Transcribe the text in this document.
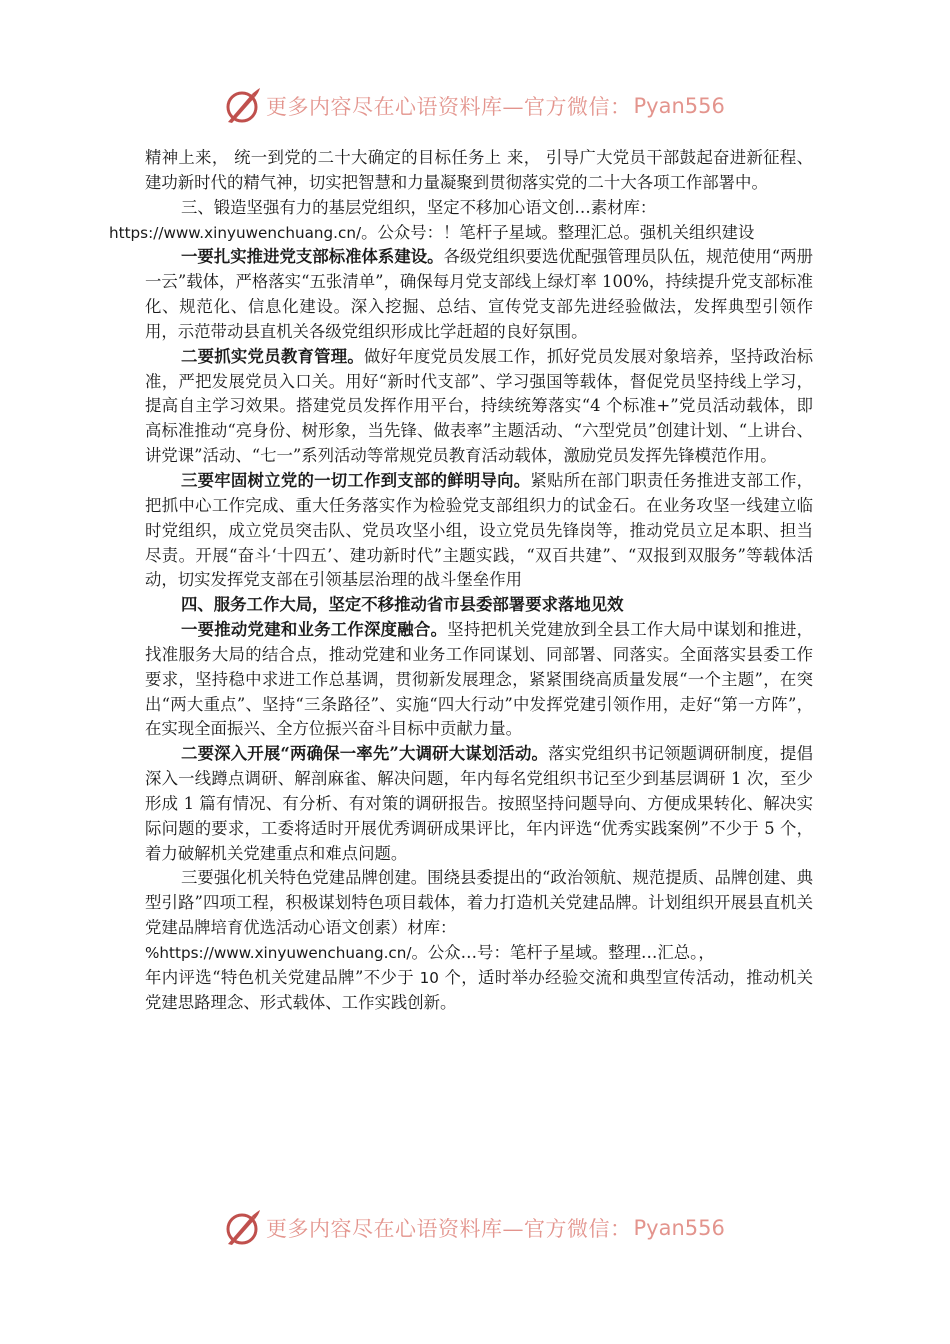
更多内容尽在心语资料库—官方微信： Pyan556

精神上来， 统一到党的二十大确定的目标任务上 来， 引导广大党员干部鼓起奋进新征程、 建功新时代的精气神，切实把智慧和力量凝聚到贯彻落实党的二十大各项工作部署中。

三、锻造坚强有力的基层党组织，坚定不移加心语文创…素材库：
https://www.xinyuwenchuang.cn/。公众号：！笔杆子星域。整理汇总。强机关组织建设

一要扎实推进党支部标准体系建设。各级党组织要选优配强管理员队伍，规范使用“两册一云”载体，严格落实“五张清单”，确保每月党支部线上绿灯率 100%，持续提升党支部标准化、规范化、信息化建设。深入挖掘、总结、宣传党支部先进经验做法，发挥典型引领作用，示范带动县直机关各级党组织形成比学赶超的良好氛围。

二要抓实党员教育管理。做好年度党员发展工作，抓好党员发展对象培养，坚持政治标准，严把发展党员入口关。用好“新时代支部”、学习强国等载体，督促党员坚持线上学习，提高自主学习效果。搭建党员发挥作用平台，持续统筹落实“4 个标准+”党员活动载体，即高标准推动“亮身份、树形象，当先锋、做表率”主题活动、“六型党员”创建计划、“上讲台、讲党课”活动、“七一”系列活动等常规党员教育活动载体，激励党员发挥先锋模范作用。

三要牢固树立党的一切工作到支部的鲜明导向。紧贴所在部门职责任务推进支部工作，把抓中心工作完成、重大任务落实作为检验党支部组织力的试金石。在业务攻坚一线建立临时党组织，成立党员突击队、党员攻坚小组，设立党员先锋岗等，推动党员立足本职、担当尽责。开展“奋斗‘十四五’、建功新时代”主题实践，“双百共建”、“双报到双服务”等载体活动，切实发挥党支部在引领基层治理的战斗堡垒作用

四、服务工作大局，坚定不移推动省市县委部署要求落地见效

一要推动党建和业务工作深度融合。坚持把机关党建放到全县工作大局中谋划和推进，找准服务大局的结合点，推动党建和业务工作同谋划、同部署、同落实。全面落实县委工作要求，坚持稳中求进工作总基调，贯彻新发展理念，紧紧围绕高质量发展“一个主题”，在突出“两大重点”、坚持“三条路径”、实施“四大行动”中发挥党建引领作用，走好“第一方阵”，在实现全面振兴、全方位振兴奋斗目标中贡献力量。

二要深入开展“两确保一率先”大调研大谋划活动。落实党组织书记领题调研制度，提倡深入一线蹲点调研、解剖麻雀、解决问题，年内每名党组织书记至少到基层调研 1 次，至少形成 1 篇有情况、有分析、有对策的调研报告。按照坚持问题导向、方便成果转化、解决实际问题的要求，工委将适时开展优秀调研成果评比，年内评选“优秀实践案例”不少于 5 个，着力破解机关党建重点和难点问题。

三要强化机关特色党建品牌创建。围绕县委提出的“政治领航、规范提质、品牌创建、典型引路”四项工程，积极谋划特色项目载体，着力打造机关党建品牌。计划组织开展县直机关党建品牌培育优选活动心语文创素）材库：
%https://www.xinyuwenchuang.cn/。公众…号：笔杆子星域。整理…汇总。，
年内评选“特色机关党建品牌”不少于 10 个，适时举办经验交流和典型宣传活动，推动机关党建思路理念、形式载体、工作实践创新。

更多内容尽在心语资料库—官方微信： Pyan556
